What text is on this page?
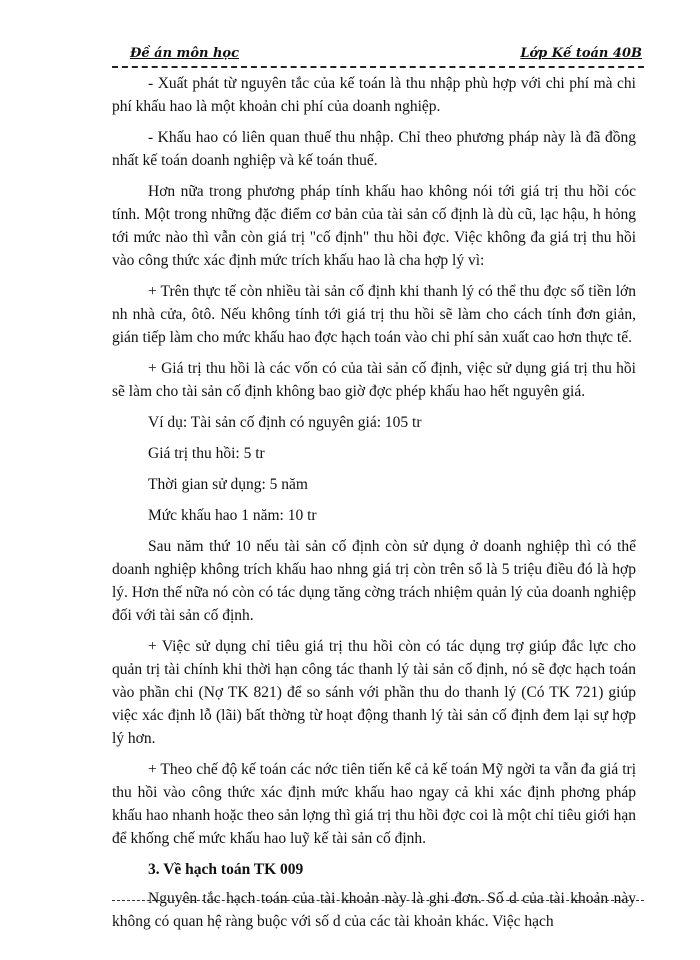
Đề án môn học	Lớp Kế toán 40B

- Xuất phát từ nguyên tắc của kế toán là thu nhập phù hợp với chi phí mà chi phí khấu hao là một khoản chi phí của doanh nghiệp.

- Khấu hao có liên quan thuế thu nhập. Chỉ theo phương pháp này là đã đồng nhất kế toán doanh nghiệp và kế toán thuế.

Hơn nữa trong phương pháp tính khấu hao không nói tới giá trị thu hồi cóc tính. Một trong những đặc điểm cơ bản của tài sản cố định là dù cũ, lạc hậu, h hỏng tới mức nào thì vẫn còn giá trị "cố định" thu hồi đợc. Việc không đa giá trị thu hồi vào công thức xác định mức trích khấu hao là cha hợp lý vì:

+ Trên thực tế còn nhiều tài sản cố định khi thanh lý có thể thu đợc số tiền lớn nh nhà cửa, ôtô. Nếu không tính tới giá trị thu hồi sẽ làm cho cách tính đơn giản, gián tiếp làm cho mức khấu hao đợc hạch toán vào chi phí sản xuất cao hơn thực tế.

+ Giá trị thu hồi là các vốn có của tài sản cố định, việc sử dụng giá trị thu hồi sẽ làm cho tài sản cố định không bao giờ đợc phép khấu hao hết nguyên giá.

Ví dụ: Tài sản cố định có nguyên giá: 105 tr

Giá trị thu hồi: 5 tr

Thời gian sử dụng: 5 năm

Mức khấu hao 1 năm: 10 tr

Sau năm thứ 10 nếu tài sản cố định còn sử dụng ở doanh nghiệp thì có thể doanh nghiệp không trích khấu hao nhng giá trị còn trên sổ là 5 triệu điều đó là hợp lý. Hơn thế nữa nó còn có tác dụng tăng cờng trách nhiệm quản lý của doanh nghiệp đối với tài sản cố định.

+ Việc sử dụng chỉ tiêu giá trị thu hồi còn có tác dụng trợ giúp đắc lực cho quản trị tài chính khi thời hạn công tác thanh lý tài sản cố định, nó sẽ đợc hạch toán vào phần chi (Nợ TK 821) để so sánh với phần thu do thanh lý (Có TK 721) giúp việc xác định lỗ (lãi) bất thờng từ hoạt động thanh lý tài sản cố định đem lại sự hợp lý hơn.

+ Theo chế độ kế toán các nớc tiên tiến kể cả kế toán Mỹ ngời ta vẫn đa giá trị thu hồi vào công thức xác định mức khấu hao ngay cả khi xác định phơng pháp khấu hao nhanh hoặc theo sản lợng thì giá trị thu hồi đợc coi là một chỉ tiêu giới hạn để khống chế mức khấu hao luỹ kế tài sản cố định.

3. Về hạch toán TK 009

Nguyên tắc hạch toán của tài khoản này là ghi đơn. Số d của tài khoản này không có quan hệ ràng buộc với số d của các tài khoản khác. Việc hạch
